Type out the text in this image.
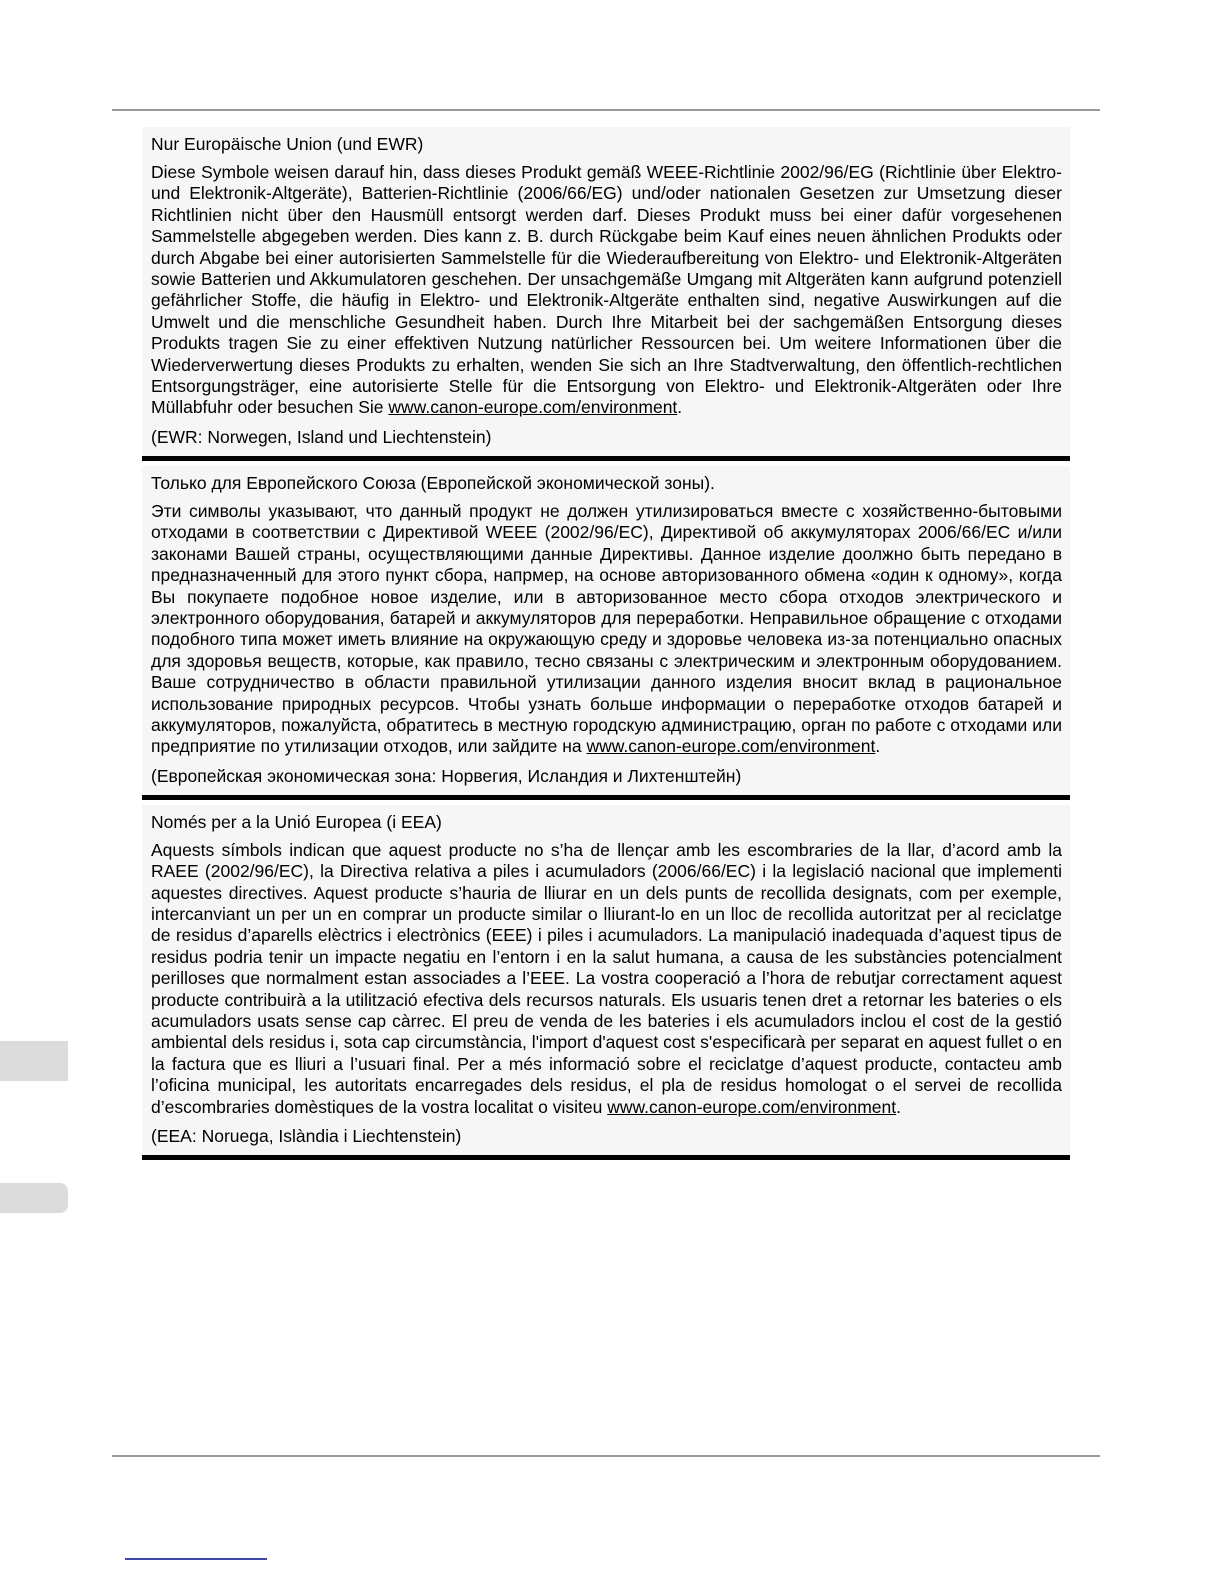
Nur Europäische Union (und EWR)

Diese Symbole weisen darauf hin, dass dieses Produkt gemäß WEEE-Richtlinie 2002/96/EG (Richtlinie über Elektro- und Elektronik-Altgeräte), Batterien-Richtlinie (2006/66/EG) und/oder nationalen Gesetzen zur Umsetzung dieser Richtlinien nicht über den Hausmüll entsorgt werden darf. Dieses Produkt muss bei einer dafür vorgesehenen Sammelstelle abgegeben werden. Dies kann z. B. durch Rückgabe beim Kauf eines neuen ähnlichen Produkts oder durch Abgabe bei einer autorisierten Sammelstelle für die Wiederaufbereitung von Elektro- und Elektronik-Altgeräten sowie Batterien und Akkumulatoren geschehen. Der unsachgemäße Umgang mit Altgeräten kann aufgrund potenziell gefährlicher Stoffe, die häufig in Elektro- und Elektronik-Altgeräte enthalten sind, negative Auswirkungen auf die Umwelt und die menschliche Gesundheit haben. Durch Ihre Mitarbeit bei der sachgemäßen Entsorgung dieses Produkts tragen Sie zu einer effektiven Nutzung natürlicher Ressourcen bei. Um weitere Informationen über die Wiederverwertung dieses Produkts zu erhalten, wenden Sie sich an Ihre Stadtverwaltung, den öffentlich-rechtlichen Entsorgungsträger, eine autorisierte Stelle für die Entsorgung von Elektro- und Elektronik-Altgeräten oder Ihre Müllabfuhr oder besuchen Sie www.canon-europe.com/environment.

(EWR: Norwegen, Island und Liechtenstein)

Только для Европейского Союза (Европейской экономической зоны).

Эти символы указывают, что данный продукт не должен утилизироваться вместе с хозяйственно-бытовыми отходами в соответствии с Директивой WEEE (2002/96/EC), Директивой об аккумуляторах 2006/66/EC и/или законами Вашей страны, осуществляющими данные Директивы. Данное изделие доолжно быть передано в предназначенный для этого пункт сбора, напрмер, на основе авторизованного обмена «один к одному», когда Вы покупаете подобное новое изделие, или в авторизованное место сбора отходов электрического и электронного оборудования, батарей и аккумуляторов для переработки. Неправильное обращение с отходами подобного типа может иметь влияние на окружающую среду и здоровье человека из-за потенциально опасных для здоровья веществ, которые, как правило, тесно связаны с электрическим и электронным оборудованием. Ваше сотрудничество в области правильной утилизации данного изделия вносит вклад в рациональное использование природных ресурсов. Чтобы узнать больше информации о переработке отходов батарей и аккумуляторов, пожалуйста, обратитесь в местную городскую администрацию, орган по работе с отходами или предприятие по утилизации отходов, или зайдите на www.canon-europe.com/environment.

(Европейская экономическая зона: Норвегия, Исландия и Лихтенштейн)

Només per a la Unió Europea (i EEA)

Aquests símbols indican que aquest producte no s’ha de llençar amb les escombraries de la llar, d’acord amb la RAEE (2002/96/EC), la Directiva relativa a piles i acumuladors (2006/66/EC) i la legislació nacional que implementi aquestes directives. Aquest producte s’hauria de lliurar en un dels punts de recollida designats, com per exemple, intercanviant un per un en comprar un producte similar o lliurant-lo en un lloc de recollida autoritzat per al reciclatge de residus d’aparells elèctrics i electrònics (EEE) i piles i acumuladors. La manipulació inadequada d’aquest tipus de residus podria tenir un impacte negatiu en l’entorn i en la salut humana, a causa de les substàncies potencialment perilloses que normalment estan associades a l’EEE. La vostra cooperació a l’hora de rebutjar correctament aquest producte contribuirà a la utilització efectiva dels recursos naturals. Els usuaris tenen dret a retornar les bateries o els acumuladors usats sense cap càrrec. El preu de venda de les bateries i els acumuladors inclou el cost de la gestió ambiental dels residus i, sota cap circumstància, l'import d'aquest cost s'especificarà per separat en aquest fullet o en la factura que es lliuri a l’usuari final. Per a més informació sobre el reciclatge d’aquest producte, contacteu amb l’oficina municipal, les autoritats encarregades dels residus, el pla de residus homologat o el servei de recollida d’escombraries domèstiques de la vostra localitat o visiteu www.canon-europe.com/environment.

(EEA: Noruega, Islàndia i Liechtenstein)
